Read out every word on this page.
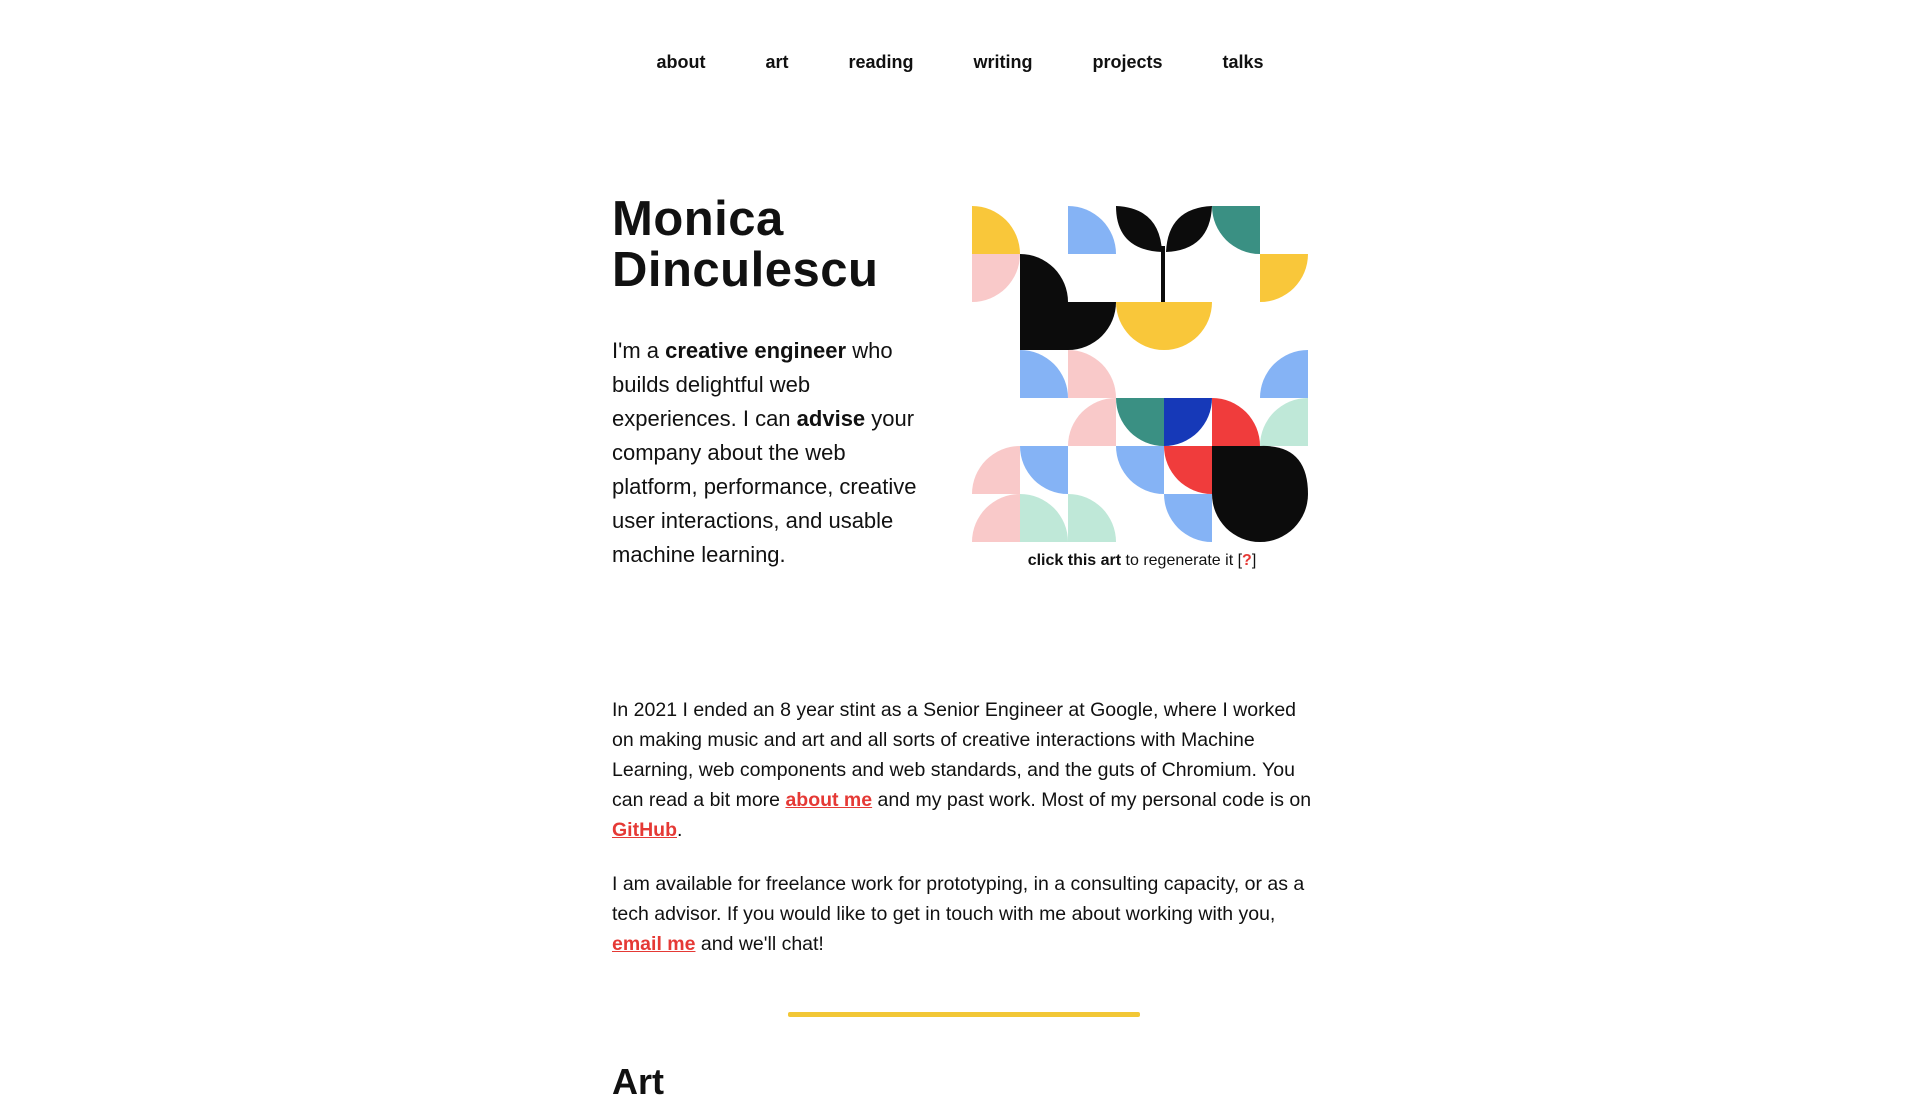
about	art	reading	writing	projects	talks
Monica
Dinculescu

I'm a creative engineer who builds delightful web experiences. I can advise your company about the web platform, performance, creative user interactions, and usable machine learning.	click this art to regenerate it [?]

In 2021 I ended an 8 year stint as a Senior Engineer at Google, where I worked on making music and art and all sorts of creative interactions with Machine Learning, web components and web standards, and the guts of Chromium. You can read a bit more about me and my past work. Most of my personal code is on GitHub.

I am available for freelance work for prototyping, in a consulting capacity, or as a tech advisor. If you would like to get in touch with me about working with you, email me and we'll chat!

Art
